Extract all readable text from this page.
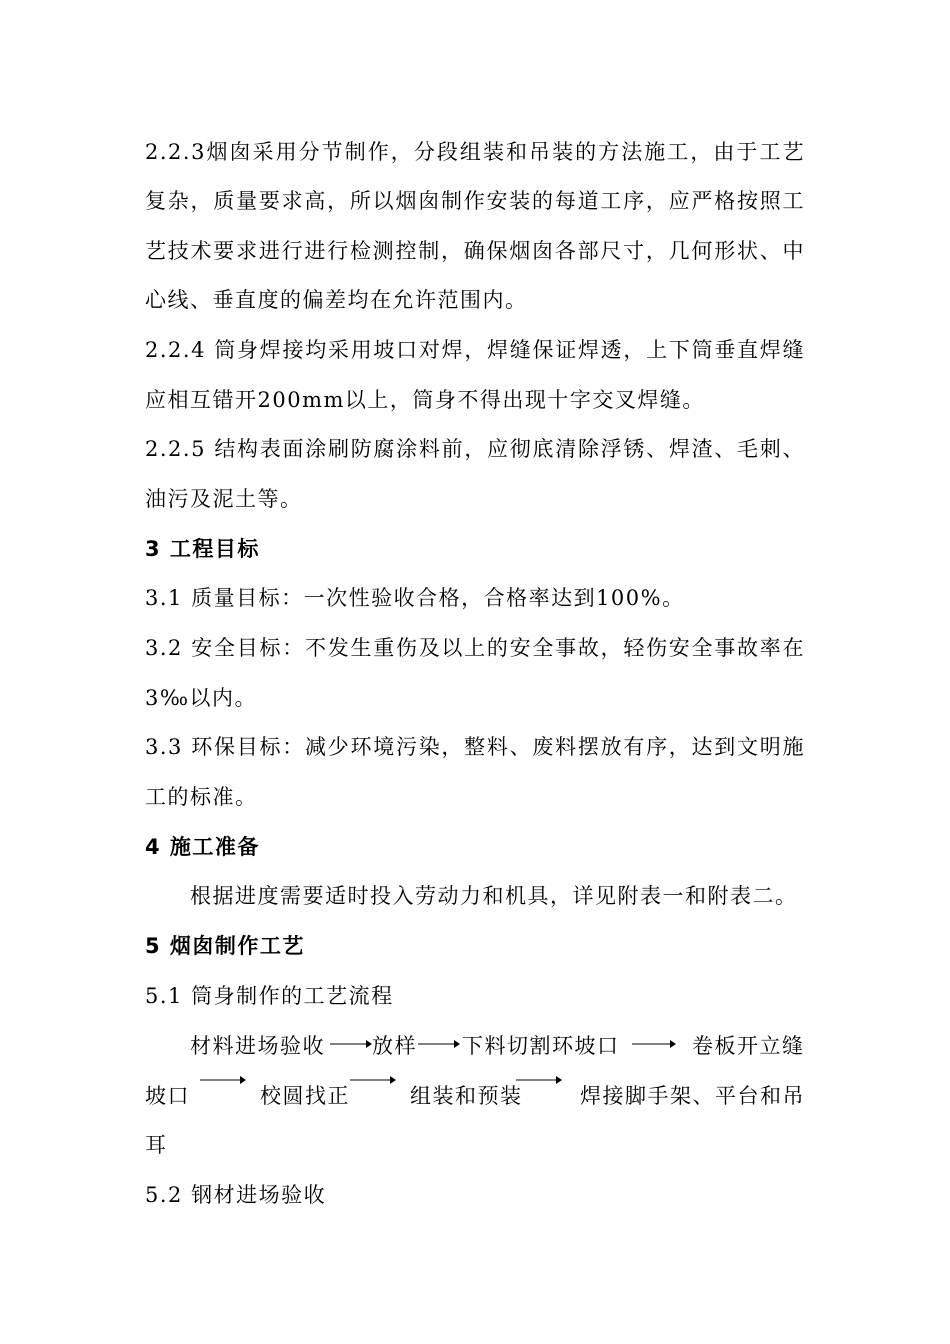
2.2.3烟囱采用分节制作，分段组装和吊装的方法施工，由于工艺
复杂，质量要求高，所以烟囱制作安装的每道工序，应严格按照工
艺技术要求进行进行检测控制，确保烟囱各部尺寸，几何形状、中
心线、垂直度的偏差均在允许范围内。
2.2.4 筒身焊接均采用坡口对焊，焊缝保证焊透，上下筒垂直焊缝
应相互错开200mm以上，筒身不得出现十字交叉焊缝。
2.2.5 结构表面涂刷防腐涂料前，应彻底清除浮锈、焊渣、毛刺、
油污及泥土等。
3 工程目标
3.1 质量目标：一次性验收合格，合格率达到100%。
3.2 安全目标：不发生重伤及以上的安全事故，轻伤安全事故率在
3‰以内。
3.3 环保目标：减少环境污染，整料、废料摆放有序，达到文明施
工的标准。
4 施工准备
根据进度需要适时投入劳动力和机具，详见附表一和附表二。
5 烟囱制作工艺
5.1 筒身制作的工艺流程
材料进场验收 放样 下料切割环坡口	卷板开立缝
坡口	校圆找正	组装和预装	焊接脚手架、平台和吊
耳
5.2 钢材进场验收
